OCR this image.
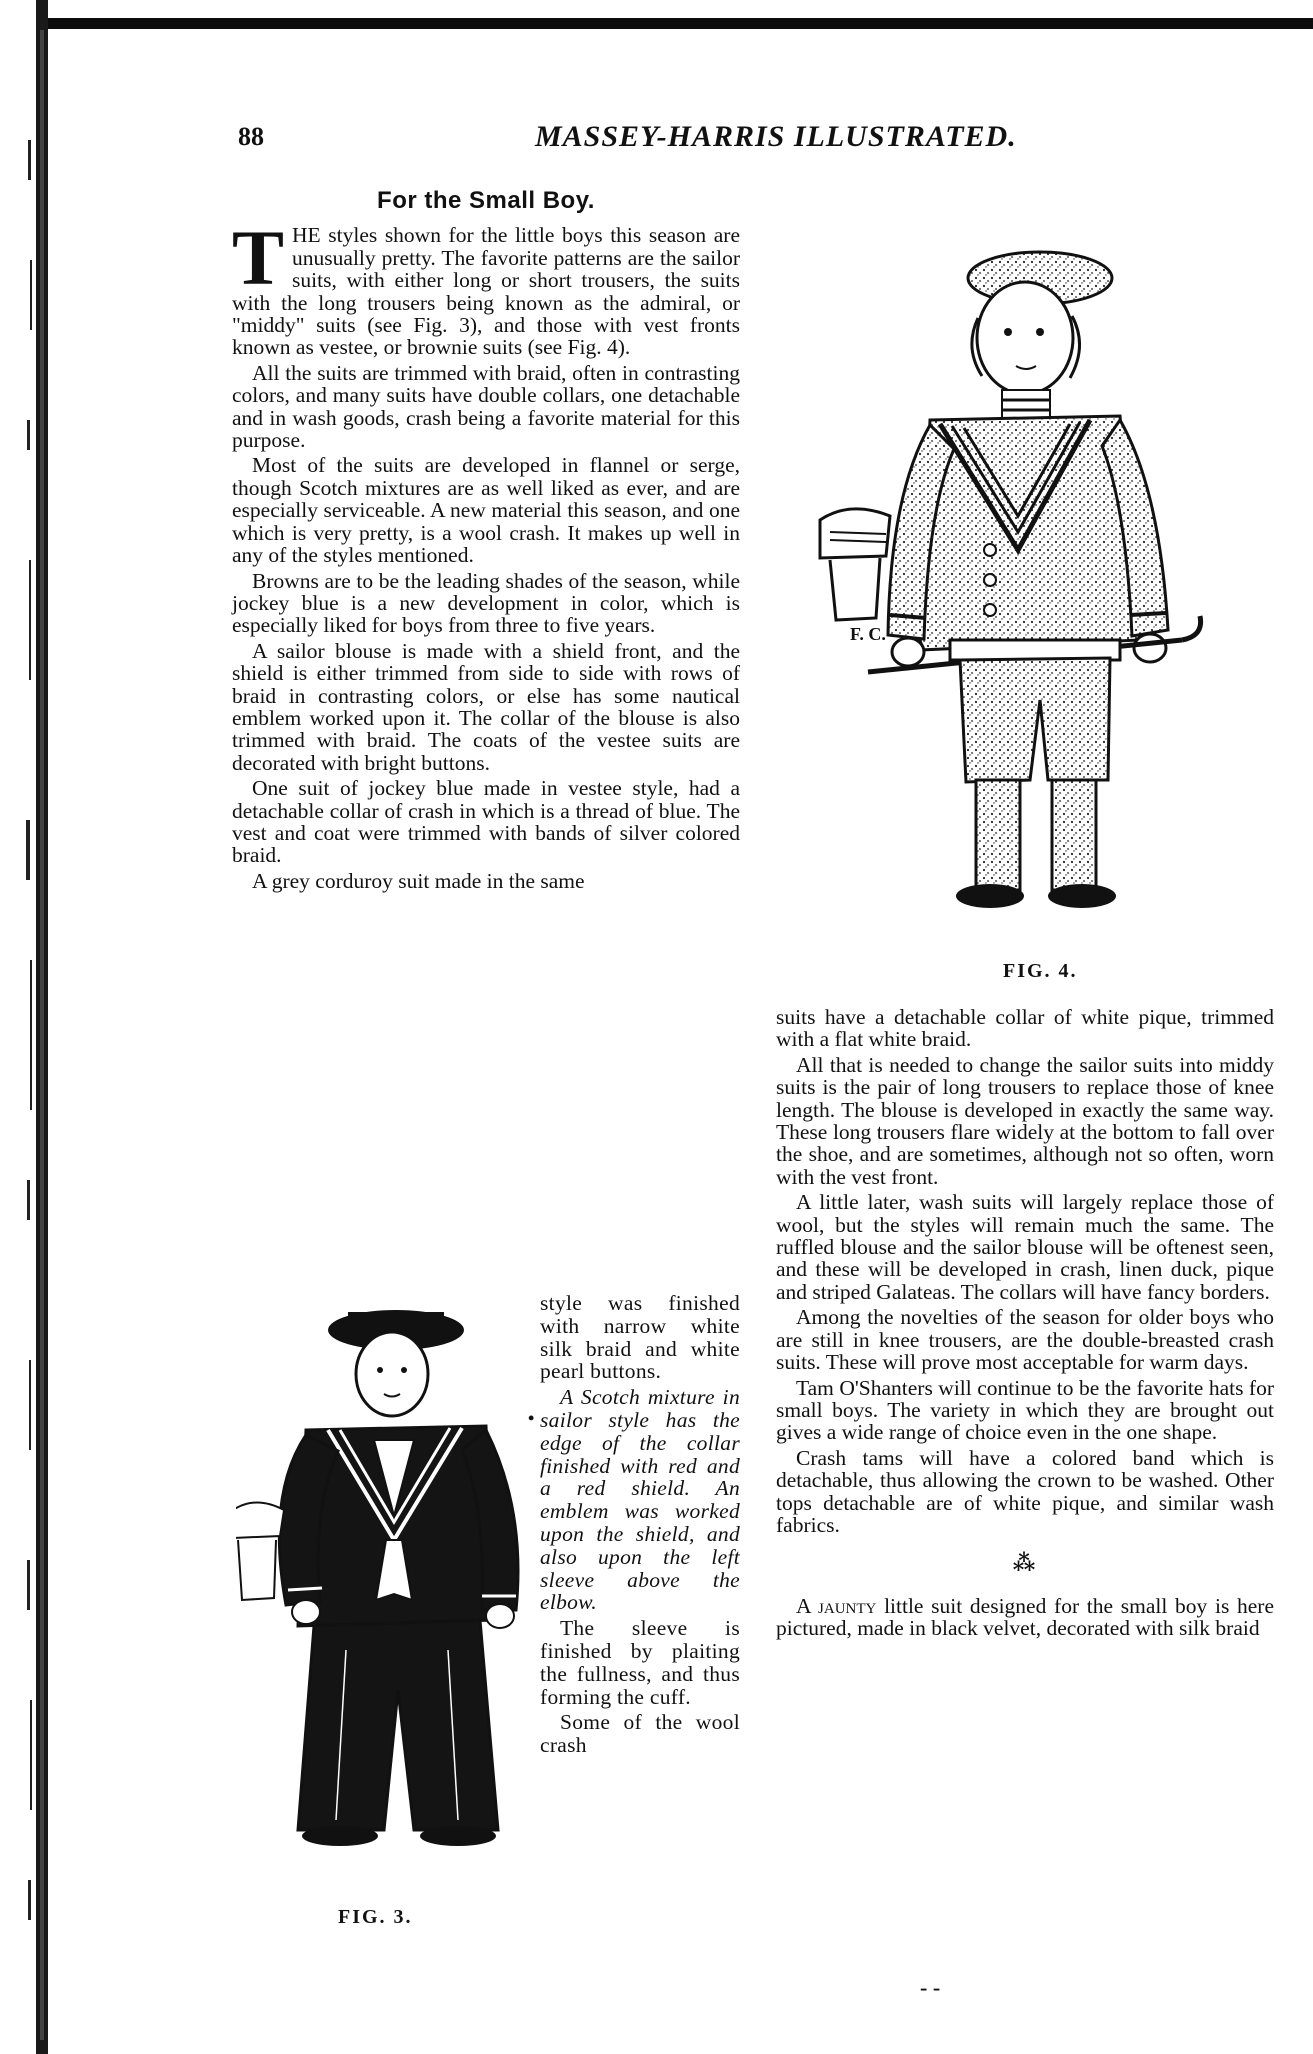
88	MASSEY-HARRIS ILLUSTRATED.
For the Small Boy.

THE styles shown for the little boys this season are unusually pretty. The favorite patterns are the sailor suits, with either long or short trousers, the suits with the long trousers being known as the admiral, or "middy" suits (see Fig. 3), and those with vest fronts known as vestee, or brownie suits (see Fig. 4).

All the suits are trimmed with braid, often in contrasting colors, and many suits have double collars, one detachable and in wash goods, crash being a favorite material for this purpose.

Most of the suits are developed in flannel or serge, though Scotch mixtures are as well liked as ever, and are especially serviceable. A new material this season, and one which is very pretty, is a wool crash. It makes up well in any of the styles mentioned.

Browns are to be the leading shades of the season, while jockey blue is a new development in color, which is especially liked for boys from three to five years.

A sailor blouse is made with a shield front, and the shield is either trimmed from side to side with rows of braid in contrasting colors, or else has some nautical emblem worked upon it. The collar of the blouse is also trimmed with braid. The coats of the vestee suits are decorated with bright buttons.

One suit of jockey blue made in vestee style, had a detachable collar of crash in which is a thread of blue. The vest and coat were trimmed with bands of silver colored braid.

A grey corduroy suit made in the same

style was finished with narrow white silk braid and white pearl buttons.

A Scotch mixture in sailor style has the edge of the collar finished with red and a red shield. An emblem was worked upon the shield, and also upon the left sleeve above the elbow.

The sleeve is finished by plaiting the fullness, and thus forming the cuff.

Some of the wool crash

suits have a detachable collar of white pique, trimmed with a flat white braid.

All that is needed to change the sailor suits into middy suits is the pair of long trousers to replace those of knee length. The blouse is developed in exactly the same way. These long trousers flare widely at the bottom to fall over the shoe, and are sometimes, although not so often, worn with the vest front.

A little later, wash suits will largely replace those of wool, but the styles will remain much the same. The ruffled blouse and the sailor blouse will be oftenest seen, and these will be developed in crash, linen duck, pique and striped Galateas. The collars will have fancy borders.

Among the novelties of the season for older boys who are still in knee trousers, are the double-breasted crash suits. These will prove most acceptable for warm days.

Tam O'Shanters will continue to be the favorite hats for small boys. The variety in which they are brought out gives a wide range of choice even in the one shape.

Crash tams will have a colored band which is detachable, thus allowing the crown to be washed. Other tops detachable are of white pique, and similar wash fabrics.

⁂

A jaunty little suit designed for the small boy is here pictured, made in black velvet, decorated with silk braid

F. C.
FIG. 4.
FIG. 3.
•
- -
